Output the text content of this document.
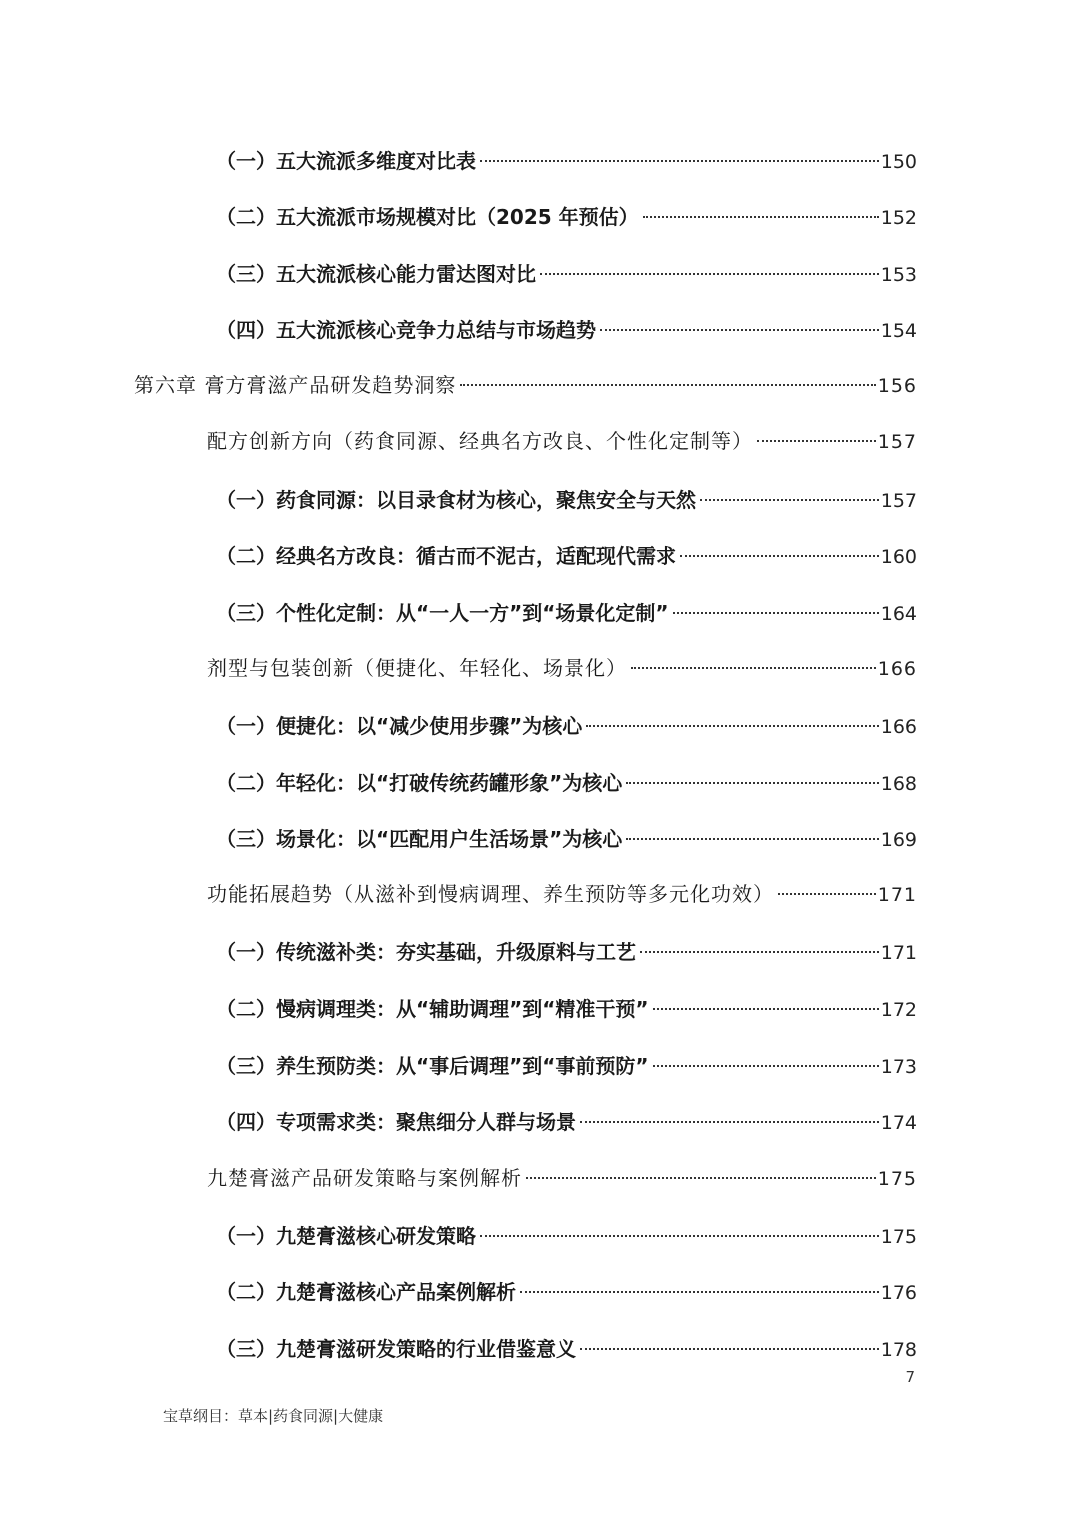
（一）五大流派多维度对比表	150
（二）五大流派市场规模对比（2025 年预估）	152
（三）五大流派核心能力雷达图对比	153
（四）五大流派核心竞争力总结与市场趋势	154
第六章 膏方膏滋产品研发趋势洞察	156
配方创新方向（药食同源、经典名方改良、个性化定制等）	157
（一）药食同源：以目录食材为核心，聚焦安全与天然	157
（二）经典名方改良：循古而不泥古，适配现代需求	160
（三）个性化定制：从“一人一方”到“场景化定制”	164
剂型与包装创新（便捷化、年轻化、场景化）	166
（一）便捷化：以“减少使用步骤”为核心	166
（二）年轻化：以“打破传统药罐形象”为核心	168
（三）场景化：以“匹配用户生活场景”为核心	169
功能拓展趋势（从滋补到慢病调理、养生预防等多元化功效）	171
（一）传统滋补类：夯实基础，升级原料与工艺	171
（二）慢病调理类：从“辅助调理”到“精准干预”	172
（三）养生预防类：从“事后调理”到“事前预防”	173
（四）专项需求类：聚焦细分人群与场景	174
九楚膏滋产品研发策略与案例解析	175
（一）九楚膏滋核心研发策略	175
（二）九楚膏滋核心产品案例解析	176
（三）九楚膏滋研发策略的行业借鉴意义	178
7
宝草纲目：草本|药食同源|大健康
